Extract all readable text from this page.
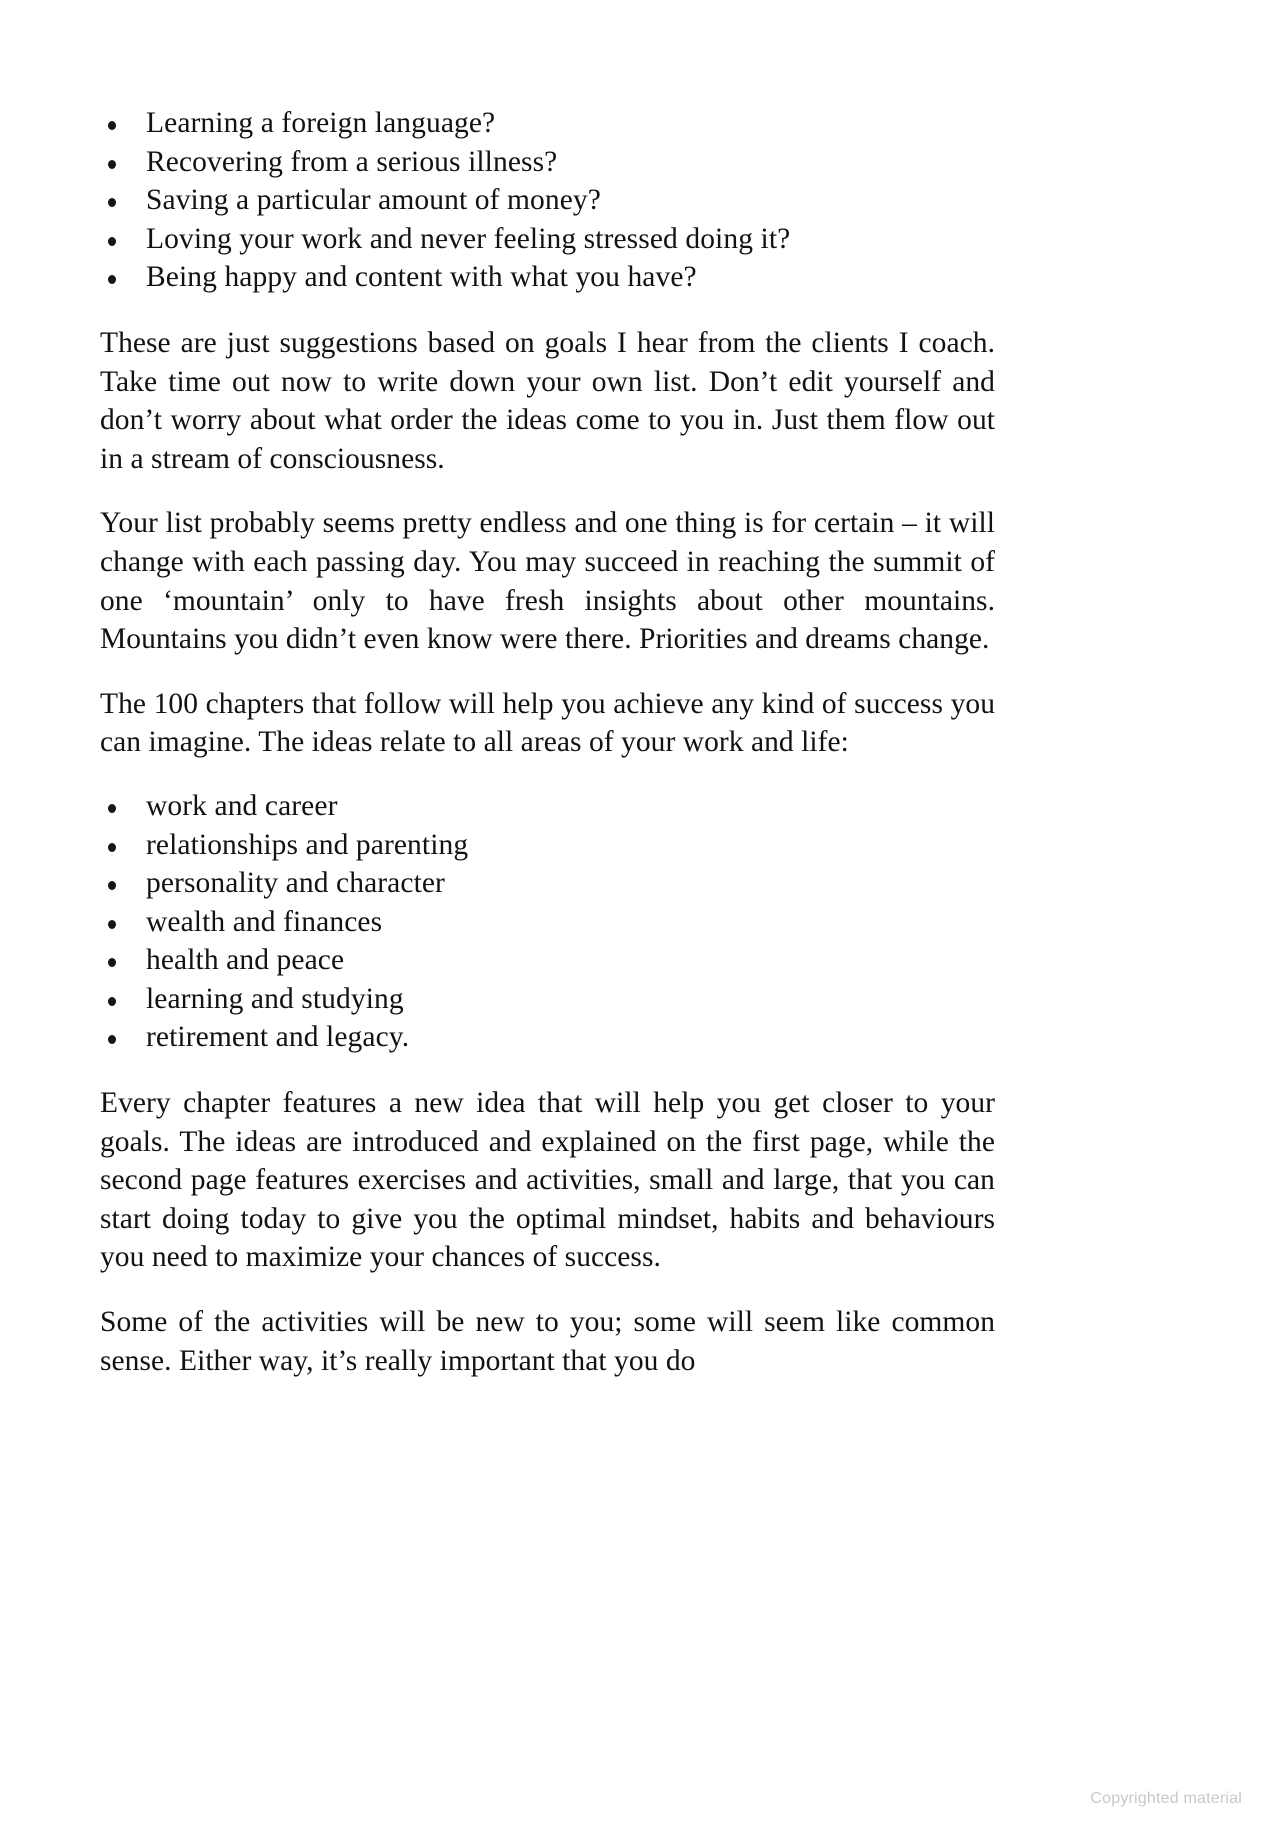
Learning a foreign language?
Recovering from a serious illness?
Saving a particular amount of money?
Loving your work and never feeling stressed doing it?
Being happy and content with what you have?

These are just suggestions based on goals I hear from the clients I coach. Take time out now to write down your own list. Don’t edit yourself and don’t worry about what order the ideas come to you in. Just them flow out in a stream of consciousness.

Your list probably seems pretty endless and one thing is for certain – it will change with each passing day. You may succeed in reaching the summit of one ‘mountain’ only to have fresh insights about other mountains. Mountains you didn’t even know were there. Priorities and dreams change.

The 100 chapters that follow will help you achieve any kind of success you can imagine. The ideas relate to all areas of your work and life:

work and career
relationships and parenting
personality and character
wealth and finances
health and peace
learning and studying
retirement and legacy.

Every chapter features a new idea that will help you get closer to your goals. The ideas are introduced and explained on the first page, while the second page features exercises and activities, small and large, that you can start doing today to give you the optimal mindset, habits and behaviours you need to maximize your chances of success.

Some of the activities will be new to you; some will seem like common sense. Either way, it’s really important that you do

Copyrighted material
